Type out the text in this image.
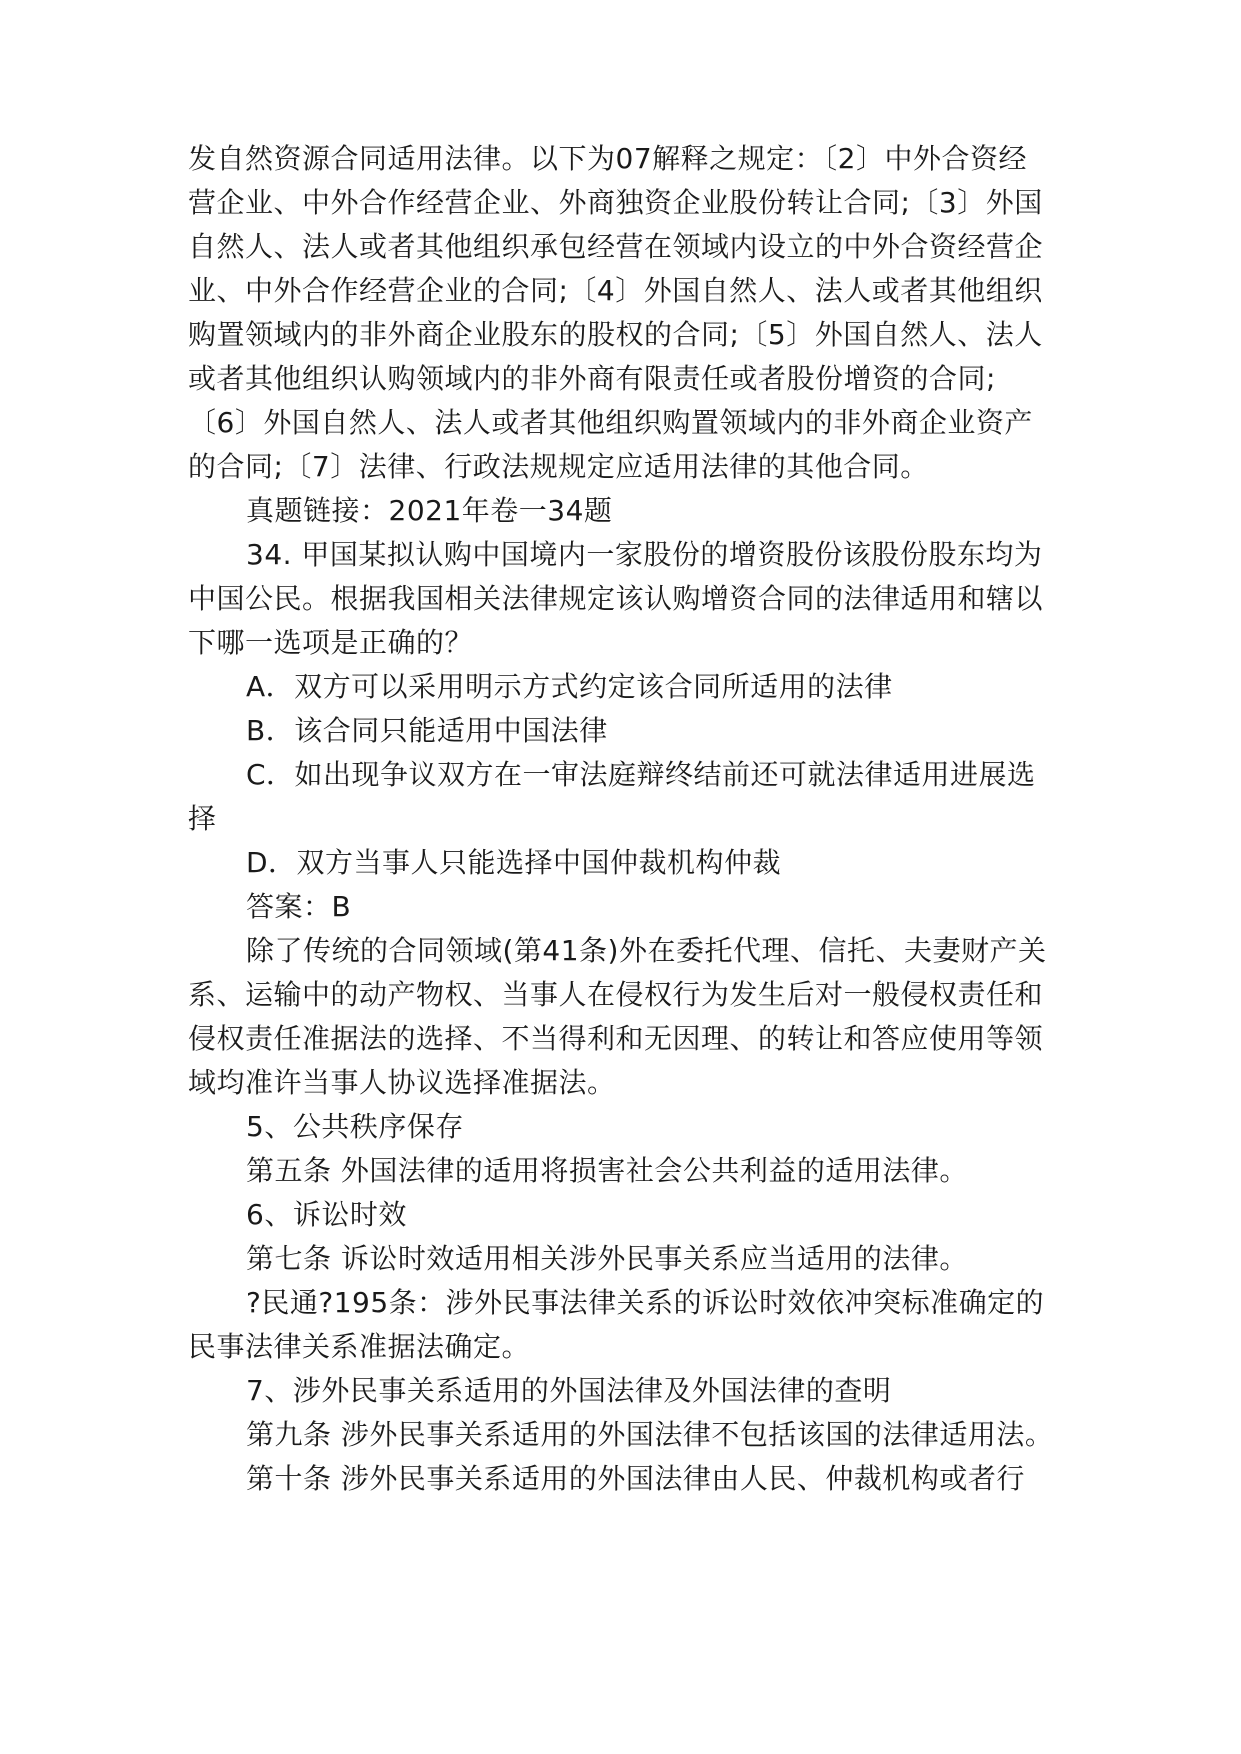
发自然资源合同适用法律。以下为07解释之规定：〔2〕中外合资经
营企业、中外合作经营企业、外商独资企业股份转让合同;〔3〕外国
自然人、法人或者其他组织承包经营在领域内设立的中外合资经营企
业、中外合作经营企业的合同;〔4〕外国自然人、法人或者其他组织
购置领域内的非外商企业股东的股权的合同;〔5〕外国自然人、法人
或者其他组织认购领域内的非外商有限责任或者股份增资的合同;
〔6〕外国自然人、法人或者其他组织购置领域内的非外商企业资产
的合同;〔7〕法律、行政法规规定应适用法律的其他合同。
真题链接：2021年卷一34题
34. 甲国某拟认购中国境内一家股份的增资股份该股份股东均为
中国公民。根据我国相关法律规定该认购增资合同的法律适用和辖以
下哪一选项是正确的？
A．双方可以采用明示方式约定该合同所适用的法律
B．该合同只能适用中国法律
C．如出现争议双方在一审法庭辩终结前还可就法律适用进展选
择
D．双方当事人只能选择中国仲裁机构仲裁
答案：B
除了传统的合同领域(第41条)外在委托代理、信托、夫妻财产关
系、运输中的动产物权、当事人在侵权行为发生后对一般侵权责任和
侵权责任准据法的选择、不当得利和无因理、的转让和答应使用等领
域均准许当事人协议选择准据法。
5、公共秩序保存
第五条 外国法律的适用将损害社会公共利益的适用法律。
6、诉讼时效
第七条 诉讼时效适用相关涉外民事关系应当适用的法律。
?民通?195条：涉外民事法律关系的诉讼时效依冲突标准确定的
民事法律关系准据法确定。
7、涉外民事关系适用的外国法律及外国法律的查明
第九条 涉外民事关系适用的外国法律不包括该国的法律适用法。
第十条 涉外民事关系适用的外国法律由人民、仲裁机构或者行
